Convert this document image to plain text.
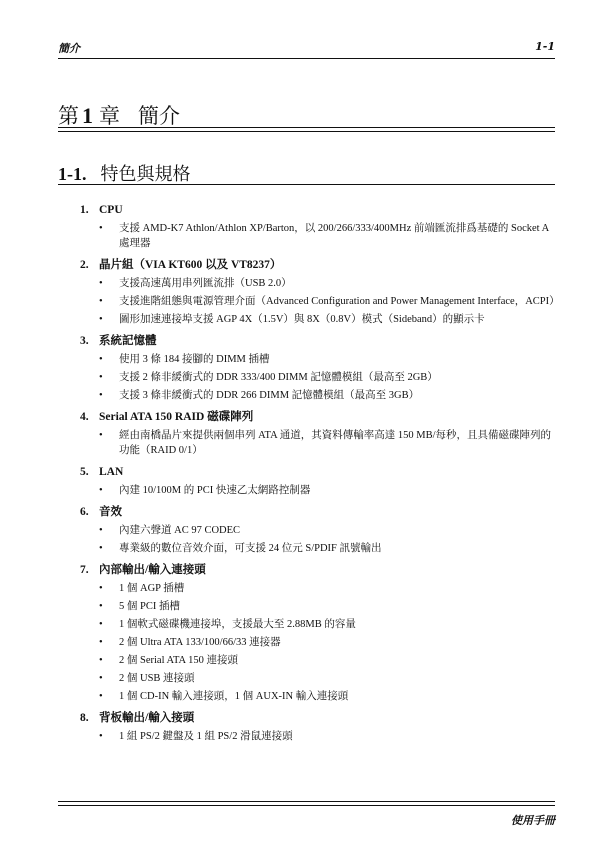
簡介	1-1
第 1 章 簡介
1-1. 特色與規格
1. CPU
• 支援 AMD-K7 Athlon/Athlon XP/Barton，以 200/266/333/400MHz 前端匯流排爲基礎的 Socket A 處理器
2. 晶片組（VIA KT600 以及 VT8237）
• 支援高速萬用串列匯流排（USB 2.0）
• 支援進階組態與電源管理介面（Advanced Configuration and Power Management Interface，ACPI）
• 圖形加速連接埠支援 AGP 4X（1.5V）與 8X（0.8V）模式（Sideband）的顯示卡
3. 系統記憶體
• 使用 3 條 184 接腳的 DIMM 插槽
• 支援 2 條非緩衝式的 DDR 333/400 DIMM 記憶體模組（最高至 2GB）
• 支援 3 條非緩衝式的 DDR 266 DIMM 記憶體模組（最高至 3GB）
4. Serial ATA 150 RAID 磁碟陣列
• 經由南橋晶片來提供兩個串列 ATA 通道，其資料傳輸率高達 150 MB/每秒，且具備磁碟陣列的功能（RAID 0/1）
5. LAN
• 內建 10/100M 的 PCI 快速乙太網路控制器
6. 音效
• 內建六聲道 AC 97 CODEC
• 專業級的數位音效介面，可支援 24 位元 S/PDIF 訊號輸出
7. 內部輸出/輸入連接頭
• 1 個 AGP 插槽
• 5 個 PCI 插槽
• 1 個軟式磁碟機連接埠，支援最大至 2.88MB 的容量
• 2 個 Ultra ATA 133/100/66/33 連接器
• 2 個 Serial ATA 150 連接頭
• 2 個 USB 連接頭
• 1 個 CD-IN 輸入連接頭，1 個 AUX-IN 輸入連接頭
8. 背板輸出/輸入接頭
• 1 組 PS/2 鍵盤及 1 組 PS/2 滑鼠連接頭
使用手冊
